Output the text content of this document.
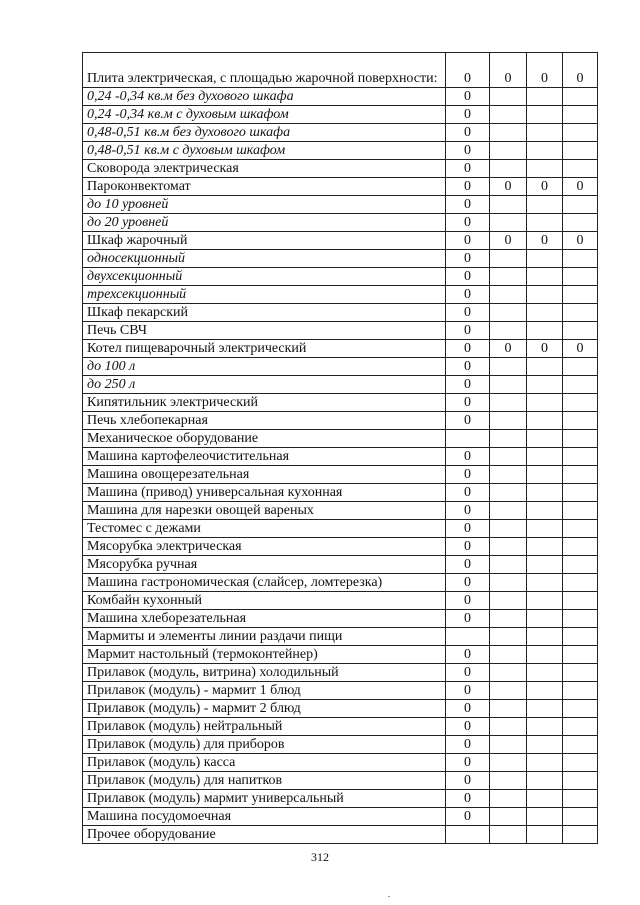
Плита электрическая, с площадью жарочной поверхности:	0	0	0	0
0,24 -0,34 кв.м без духового шкафа	0			
0,24 -0,34 кв.м с духовым шкафом	0			
0,48-0,51 кв.м без духового шкафа	0			
0,48-0,51 кв.м с духовым шкафом	0			
Сковорода электрическая	0			
Пароконвектомат	0	0	0	0
до 10 уровней	0			
до 20 уровней	0			
Шкаф жарочный	0	0	0	0
односекционный	0			
двухсекционный	0			
трехсекционный	0			
Шкаф пекарский	0			
Печь СВЧ	0			
Котел пищеварочный электрический	0	0	0	0
до 100 л	0			
до 250 л	0			
Кипятильник электрический	0			
Печь хлебопекарная	0			
Механическое оборудование				
Машина картофелеочистительная	0			
Машина овощерезательная	0			
Машина (привод) универсальная кухонная	0			
Машина для нарезки овощей вареных	0			
Тестомес с дежами	0			
Мясорубка электрическая	0			
Мясорубка ручная	0			
Машина гастрономическая (слайсер, ломтерезка)	0			
Комбайн кухонный	0			
Машина хлеборезательная	0			
Мармиты и элементы линии раздачи пищи				
Мармит настольный (термоконтейнер)	0			
Прилавок (модуль, витрина) холодильный	0			
Прилавок (модуль) - мармит 1 блюд	0			
Прилавок (модуль) - мармит 2 блюд	0			
Прилавок (модуль) нейтральный	0			
Прилавок (модуль) для приборов	0			
Прилавок (модуль) касса	0			
Прилавок (модуль) для напитков	0			
Прилавок (модуль) мармит универсальный	0			
Машина посудомоечная	0			
Прочее оборудование				
312
